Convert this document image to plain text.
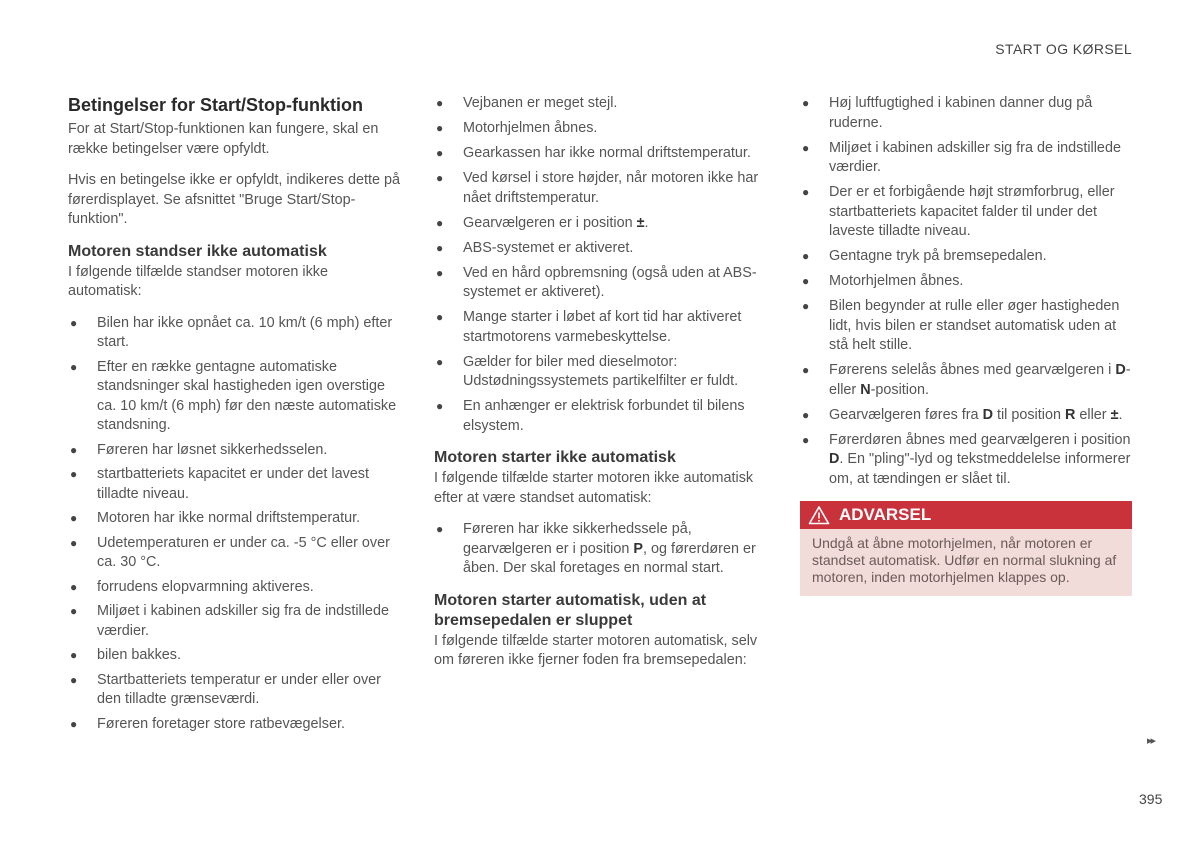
START OG KØRSEL
Betingelser for Start/Stop-funktion

For at Start/Stop-funktionen kan fungere, skal en række betingelser være opfyldt.

Hvis en betingelse ikke er opfyldt, indikeres dette på førerdisplayet. Se afsnittet "Bruge Start/Stop-funktion".

Motoren standser ikke automatisk

I følgende tilfælde standser motoren ikke automatisk:

● Bilen har ikke opnået ca. 10 km/t (6 mph) efter start.
● Efter en række gentagne automatiske standsninger skal hastigheden igen overstige ca. 10 km/t (6 mph) før den næste automatiske standsning.
● Føreren har løsnet sikkerhedsselen.
● startbatteriets kapacitet er under det lavest tilladte niveau.
● Motoren har ikke normal driftstemperatur.
● Udetemperaturen er under ca. -5 °C eller over ca. 30 °C.
● forrudens elopvarmning aktiveres.
● Miljøet i kabinen adskiller sig fra de indstillede værdier.
● bilen bakkes.
● Startbatteriets temperatur er under eller over den tilladte grænseværdi.
● Føreren foretager store ratbevægelser.
● Vejbanen er meget stejl.
● Motorhjelmen åbnes.
● Gearkassen har ikke normal driftstemperatur.
● Ved kørsel i store højder, når motoren ikke har nået driftstemperatur.
● Gearvælgeren er i position ±.
● ABS-systemet er aktiveret.
● Ved en hård opbremsning (også uden at ABS-systemet er aktiveret).
● Mange starter i løbet af kort tid har aktiveret startmotorens varmebeskyttelse.
● Gælder for biler med dieselmotor: Udstødningssystemets partikelfilter er fuldt.
● En anhænger er elektrisk forbundet til bilens elsystem.
Motoren starter ikke automatisk

I følgende tilfælde starter motoren ikke automatisk efter at være standset automatisk:

● Føreren har ikke sikkerhedssele på, gearvælgeren er i position P, og førerdøren er åben. Der skal foretages en normal start.
Motoren starter automatisk, uden at bremsepedalen er sluppet

I følgende tilfælde starter motoren automatisk, selv om føreren ikke fjerner foden fra bremsepedalen:

● Høj luftfugtighed i kabinen danner dug på ruderne.
● Miljøet i kabinen adskiller sig fra de indstillede værdier.
● Der er et forbigående højt strømforbrug, eller startbatteriets kapacitet falder til under det laveste tilladte niveau.
● Gentagne tryk på bremsepedalen.
● Motorhjelmen åbnes.
● Bilen begynder at rulle eller øger hastigheden lidt, hvis bilen er standset automatisk uden at stå helt stille.
● Førerens selelås åbnes med gearvælgeren i D- eller N-position.
● Gearvælgeren føres fra D til position R eller ±.
● Førerdøren åbnes med gearvælgeren i position D. En "pling"-lyd og tekstmeddelelse informerer om, at tændingen er slået til.
ADVARSEL
Undgå at åbne motorhjelmen, når motoren er standset automatisk. Udfør en normal slukning af motoren, inden motorhjelmen klappes op.
▸▸
395
